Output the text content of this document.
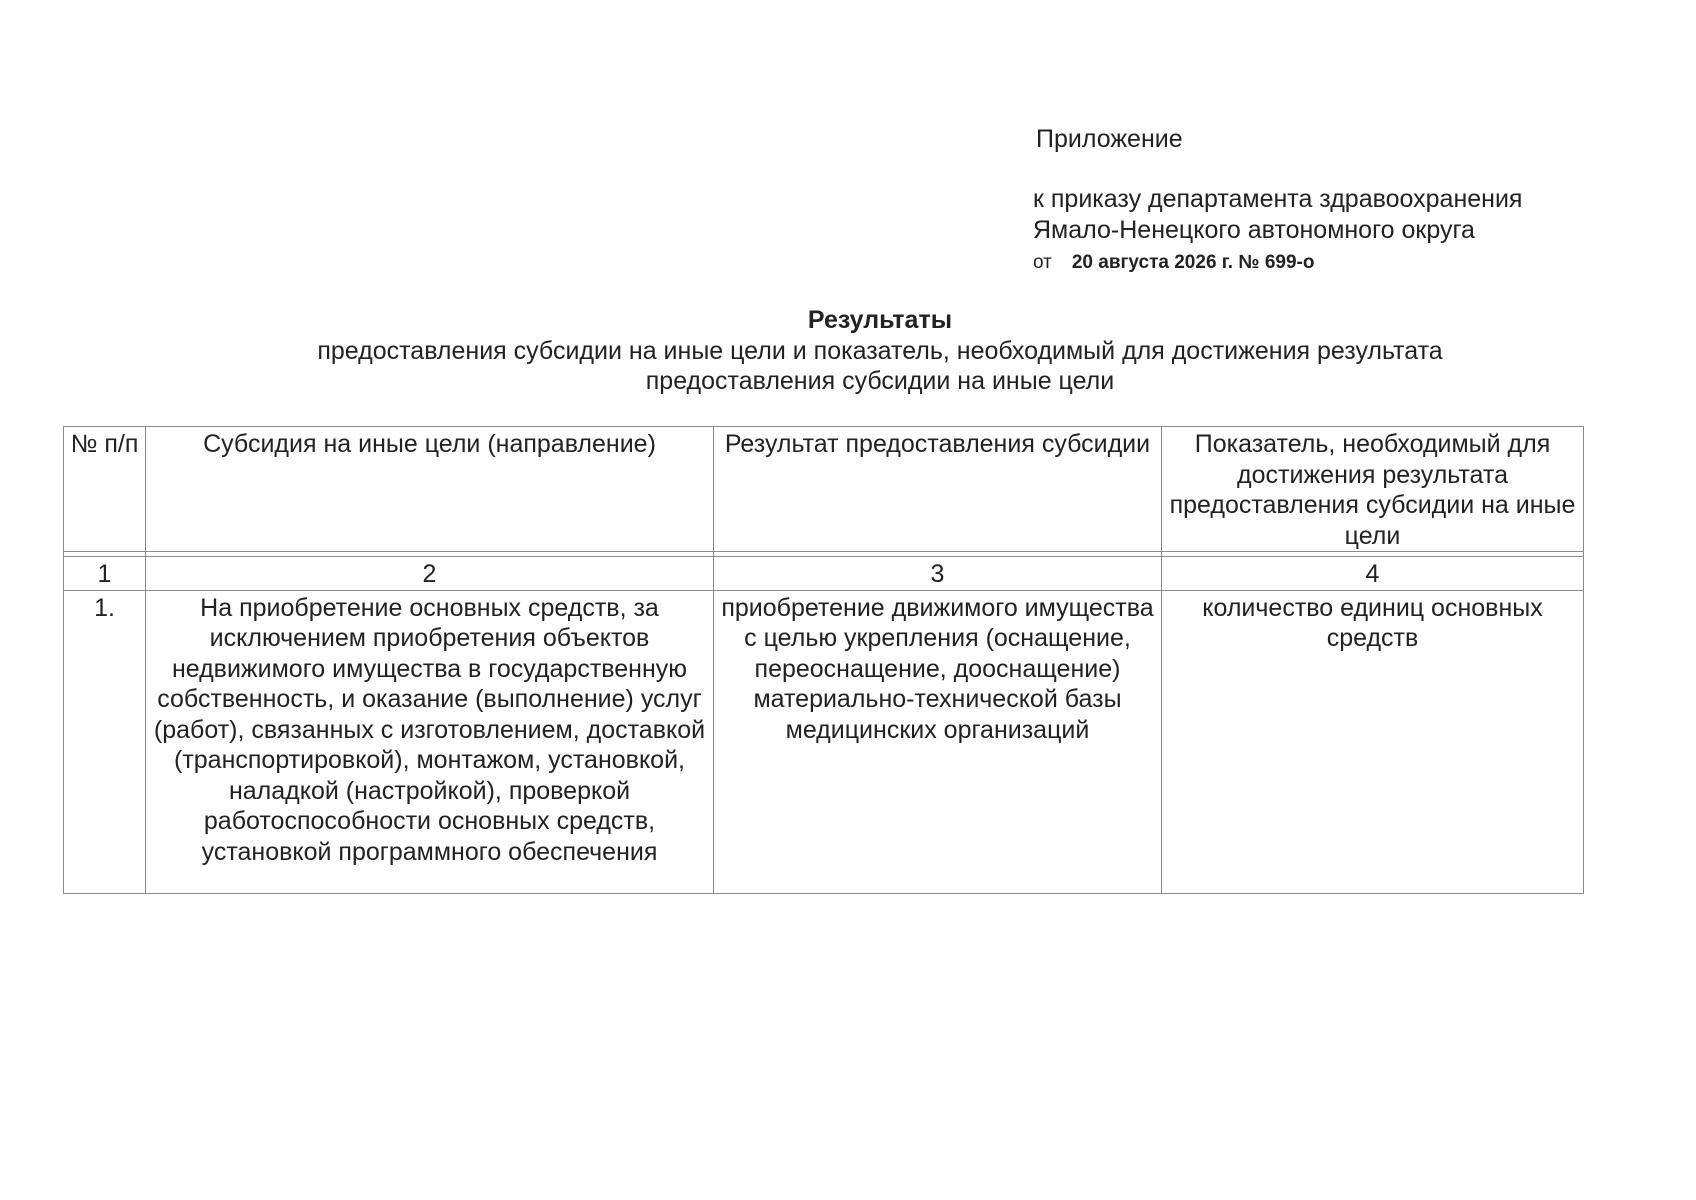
Приложение
к приказу департамента здравоохранения
Ямало-Ненецкого автономного округа
от 20 августа 2026 г. № 699-о
Результаты
предоставления субсидии на иные цели и показатель, необходимый для достижения результата
предоставления субсидии на иные цели
№ п/п	Субсидия на иные цели (направление)	Результат предоставления субсидии	Показатель, необходимый для достижения результата предоставления субсидии на иные цели

1	2	3	4
1.	На приобретение основных средств, за исключением приобретения объектов недвижимого имущества в государственную собственность, и оказание (выполнение) услуг (работ), связанных с изготовлением, доставкой (транспортировкой), монтажом, установкой, наладкой (настройкой), проверкой работоспособности основных средств, установкой программного обеспечения	приобретение движимого имущества с целью укрепления (оснащение, переоснащение, дооснащение) материально-технической базы медицинских организаций	количество единиц основных средств
